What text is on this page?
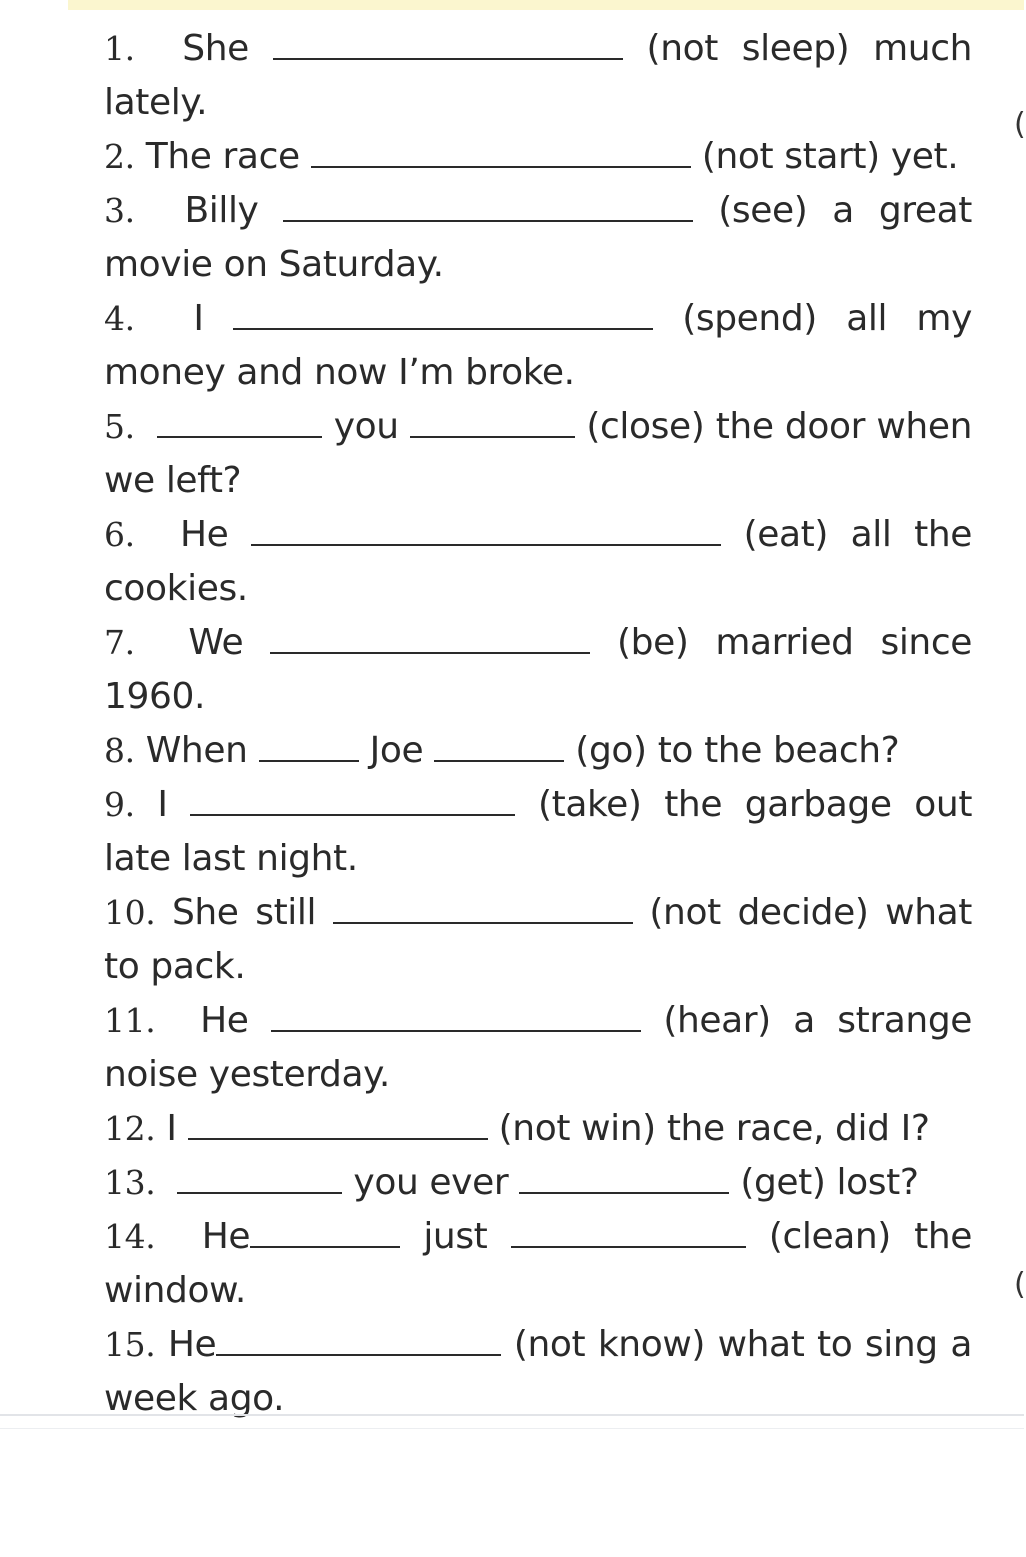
1. She	(not sleep) much lately.
2. The race	(not start) yet.
3. Billy	(see) a great movie on Saturday.
4. I	(spend) all my money and now I’m broke.
5.	you	(close) the door when we left?
6. He	(eat) all the cookies.
7. We	(be) married since 1960.
8. When	Joe	(go) to the beach?
9. I	(take) the garbage out late last night.
10. She still	(not decide) what to pack.
11. He	(hear) a strange noise yesterday.
12. I	(not win) the race, did I?
13.	you ever	(get) lost?
14. He	just	(clean) the window.
15. He	(not know) what to sing a week ago.
(
(
